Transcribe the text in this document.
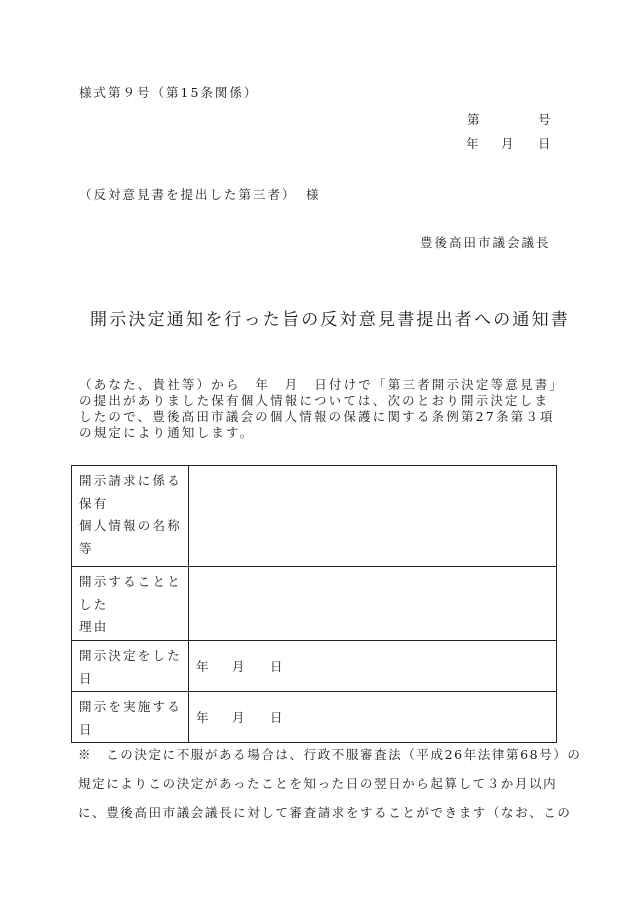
様式第９号（第15条関係）
第	号
年 月 日
（反対意見書を提出した第三者） 様
豊後高田市議会議長
開示決定通知を行った旨の反対意見書提出者への通知書
（あなた、貴社等）から　年　月　日付けで「第三者開示決定等意見書」
の提出がありました保有個人情報については、次のとおり開示決定しま
したので、豊後高田市議会の個人情報の保護に関する条例第27条第３項
の規定により通知します。
開示請求に係る
保有
個人情報の名称
等
開示することと
した
理由
開示決定をした
日
年 月 日
開示を実施する
日
年 月 日
※　この決定に不服がある場合は、行政不服審査法（平成26年法律第68号）の
規定によりこの決定があったことを知った日の翌日から起算して３か月以内
に、豊後高田市議会議長に対して審査請求をすることができます（なお、この
